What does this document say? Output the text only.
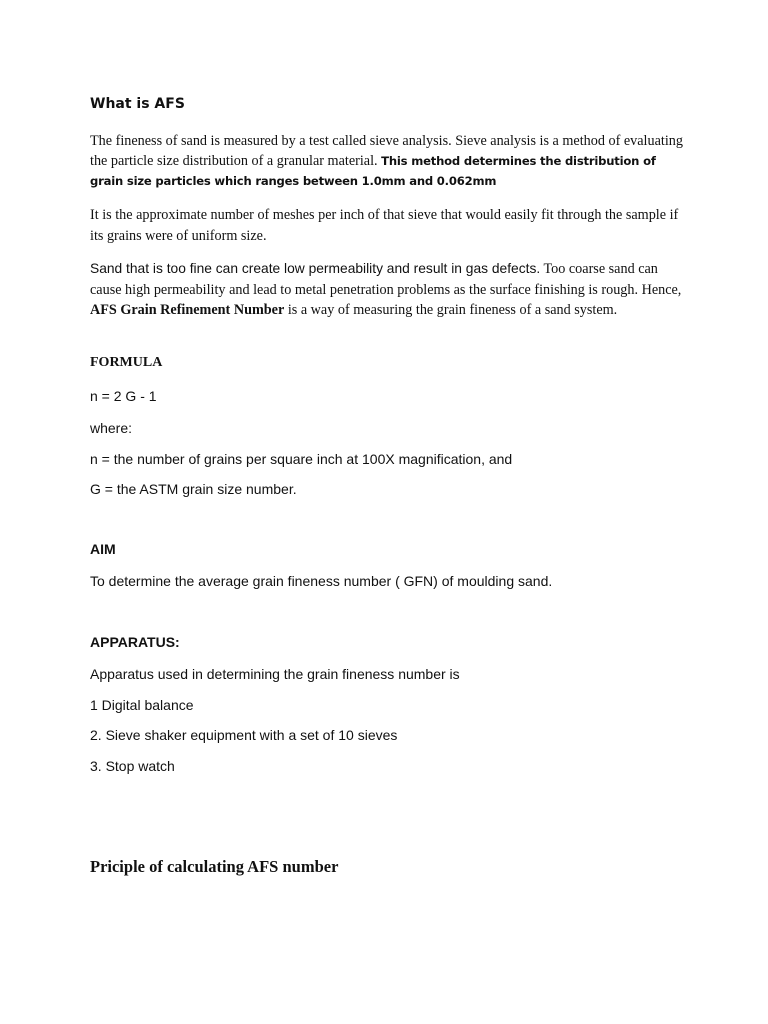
What is AFS

The fineness of sand is measured by a test called sieve analysis. Sieve analysis is a method of evaluating the particle size distribution of a granular material. This method determines the distribution of grain size particles which ranges between 1.0mm and 0.062mm

It is the approximate number of meshes per inch of that sieve that would easily fit through the sample if its grains were of uniform size.

Sand that is too fine can create low permeability and result in gas defects. Too coarse sand can cause high permeability and lead to metal penetration problems as the surface finishing is rough. Hence, AFS Grain Refinement Number is a way of measuring the grain fineness of a sand system.

FORMULA
n = 2 G - 1
where:
n = the number of grains per square inch at 100X magnification, and
G = the ASTM grain size number.
AIM
To determine the average grain fineness number ( GFN) of moulding sand.
APPARATUS:
Apparatus used in determining the grain fineness number is
1 Digital balance
2. Sieve shaker equipment with a set of 10 sieves
3. Stop watch
Priciple of calculating AFS number
